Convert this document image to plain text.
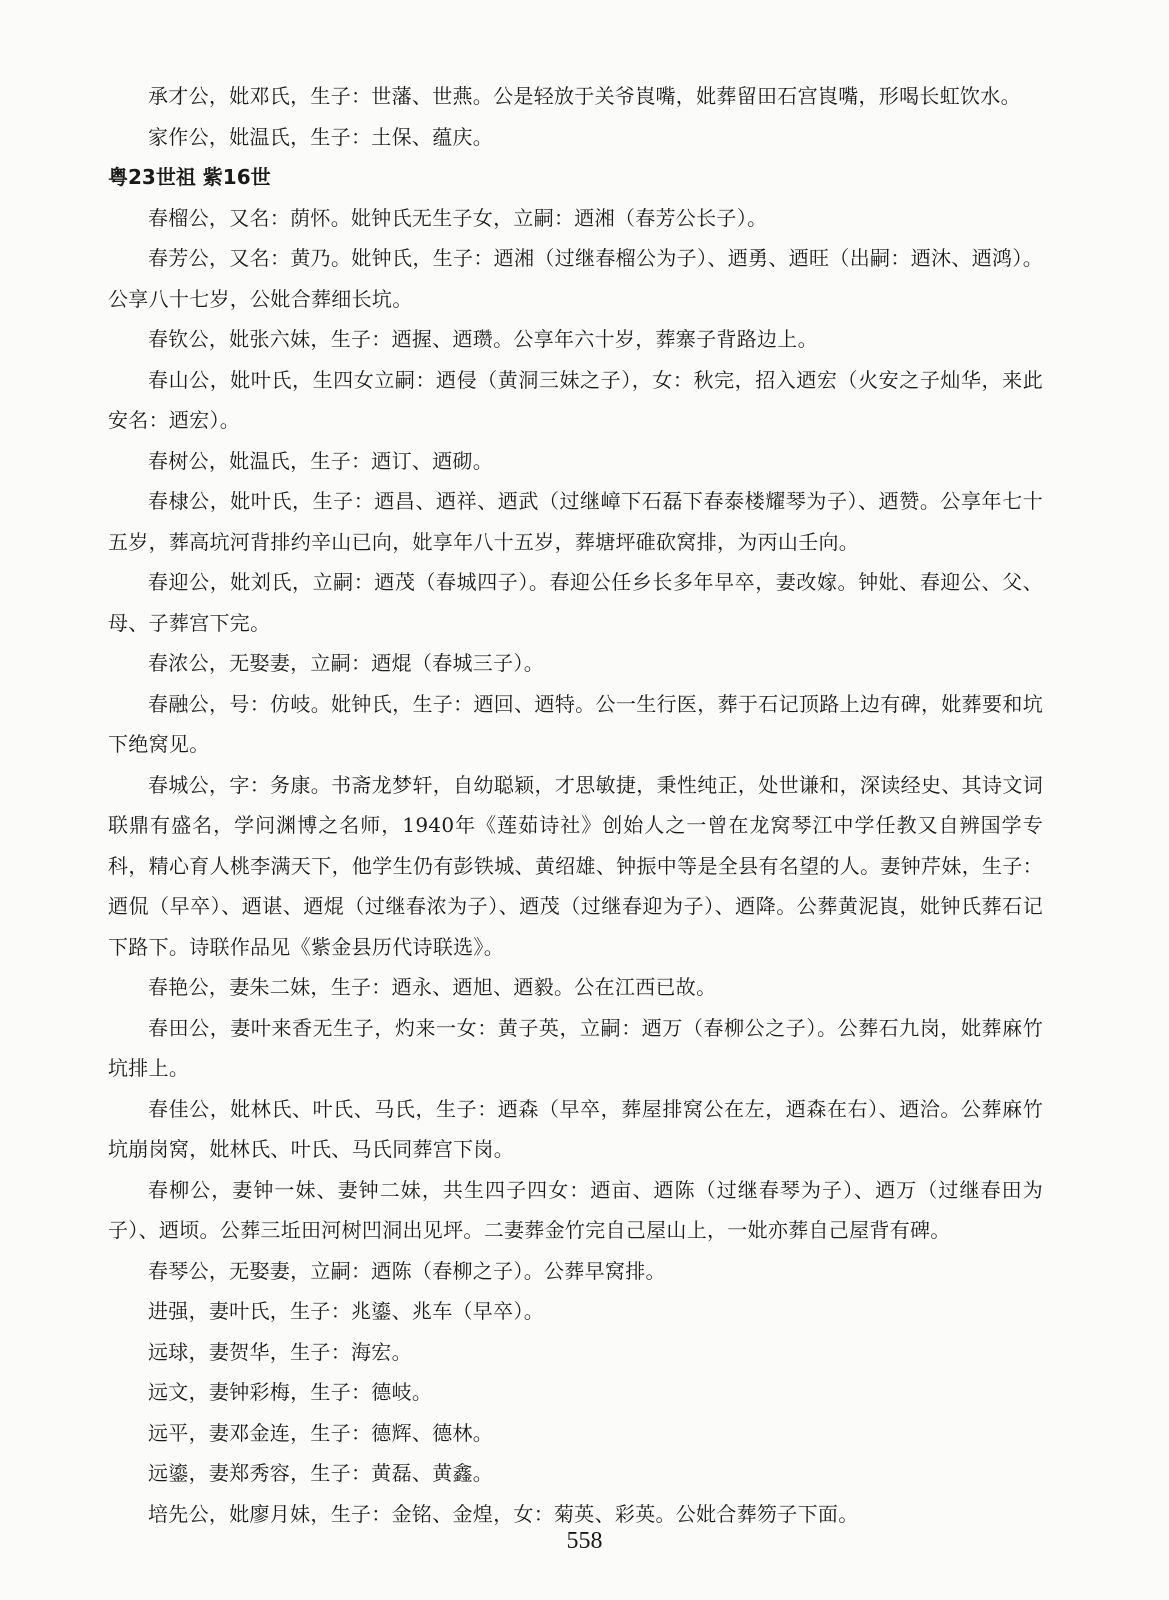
承才公，妣邓氏，生子：世藩、世燕。公是轻放于关爷崀嘴，妣葬留田石宫崀嘴，形喝长虹饮水。

家作公，妣温氏，生子：土保、蕴庆。

粤23世祖 紫16世

春榴公，又名：荫怀。妣钟氏无生子女，立嗣：迺湘（春芳公长子）。

春芳公，又名：黄乃。妣钟氏，生子：迺湘（过继春榴公为子）、迺勇、迺旺（出嗣：迺沐、迺鸿）。公享八十七岁，公妣合葬细长坑。

春钦公，妣张六妹，生子：迺握、迺瓒。公享年六十岁，葬寨子背路边上。

春山公，妣叶氏，生四女立嗣：迺侵（黄洞三妹之子），女：秋完，招入迺宏（火安之子灿华，来此安名：迺宏）。

春树公，妣温氏，生子：迺订、迺砌。

春棣公，妣叶氏，生子：迺昌、迺祥、迺武（过继嶂下石磊下春泰楼耀琴为子）、迺赞。公享年七十五岁，葬高坑河背排约辛山已向，妣享年八十五岁，葬塘坪碓砍窝排，为丙山壬向。

春迎公，妣刘氏，立嗣：迺茂（春城四子）。春迎公任乡长多年早卒，妻改嫁。钟妣、春迎公、父、母、子葬宫下完。

春浓公，无娶妻，立嗣：迺焜（春城三子）。

春融公，号：仿岐。妣钟氏，生子：迺回、迺特。公一生行医，葬于石记顶路上边有碑，妣葬要和坑下绝窝见。

春城公，字：务康。书斋龙梦轩，自幼聪颖，才思敏捷，秉性纯正，处世谦和，深读经史、其诗文词联鼎有盛名，学问渊博之名师，1940年《莲茹诗社》创始人之一曾在龙窝琴江中学任教又自辨国学专科，精心育人桃李满天下，他学生仍有彭铁城、黄绍雄、钟振中等是全县有名望的人。妻钟芹妹，生子：迺侃（早卒）、迺谌、迺焜（过继春浓为子）、迺茂（过继春迎为子）、迺降。公葬黄泥崀，妣钟氏葬石记下路下。诗联作品见《紫金县历代诗联选》。

春艳公，妻朱二妹，生子：迺永、迺旭、迺毅。公在江西已故。

春田公，妻叶来香无生子，灼来一女：黄子英，立嗣：迺万（春柳公之子）。公葬石九岗，妣葬麻竹坑排上。

春佳公，妣林氏、叶氏、马氏，生子：迺森（早卒，葬屋排窝公在左，迺森在右）、迺洽。公葬麻竹坑崩岗窝，妣林氏、叶氏、马氏同葬宫下岗。

春柳公，妻钟一妹、妻钟二妹，共生四子四女：迺亩、迺陈（过继春琴为子）、迺万（过继春田为子）、迺顷。公葬三坵田河树凹洞出见坪。二妻葬金竹完自己屋山上，一妣亦葬自己屋背有碑。

春琴公，无娶妻，立嗣：迺陈（春柳之子）。公葬早窝排。

进强，妻叶氏，生子：兆鎏、兆车（早卒）。

远球，妻贺华，生子：海宏。

远文，妻钟彩梅，生子：德岐。

远平，妻邓金连，生子：德辉、德林。

远鎏，妻郑秀容，生子：黄磊、黄鑫。

培先公，妣廖月妹，生子：金铭、金煌，女：菊英、彩英。公妣合葬笏子下面。

558
